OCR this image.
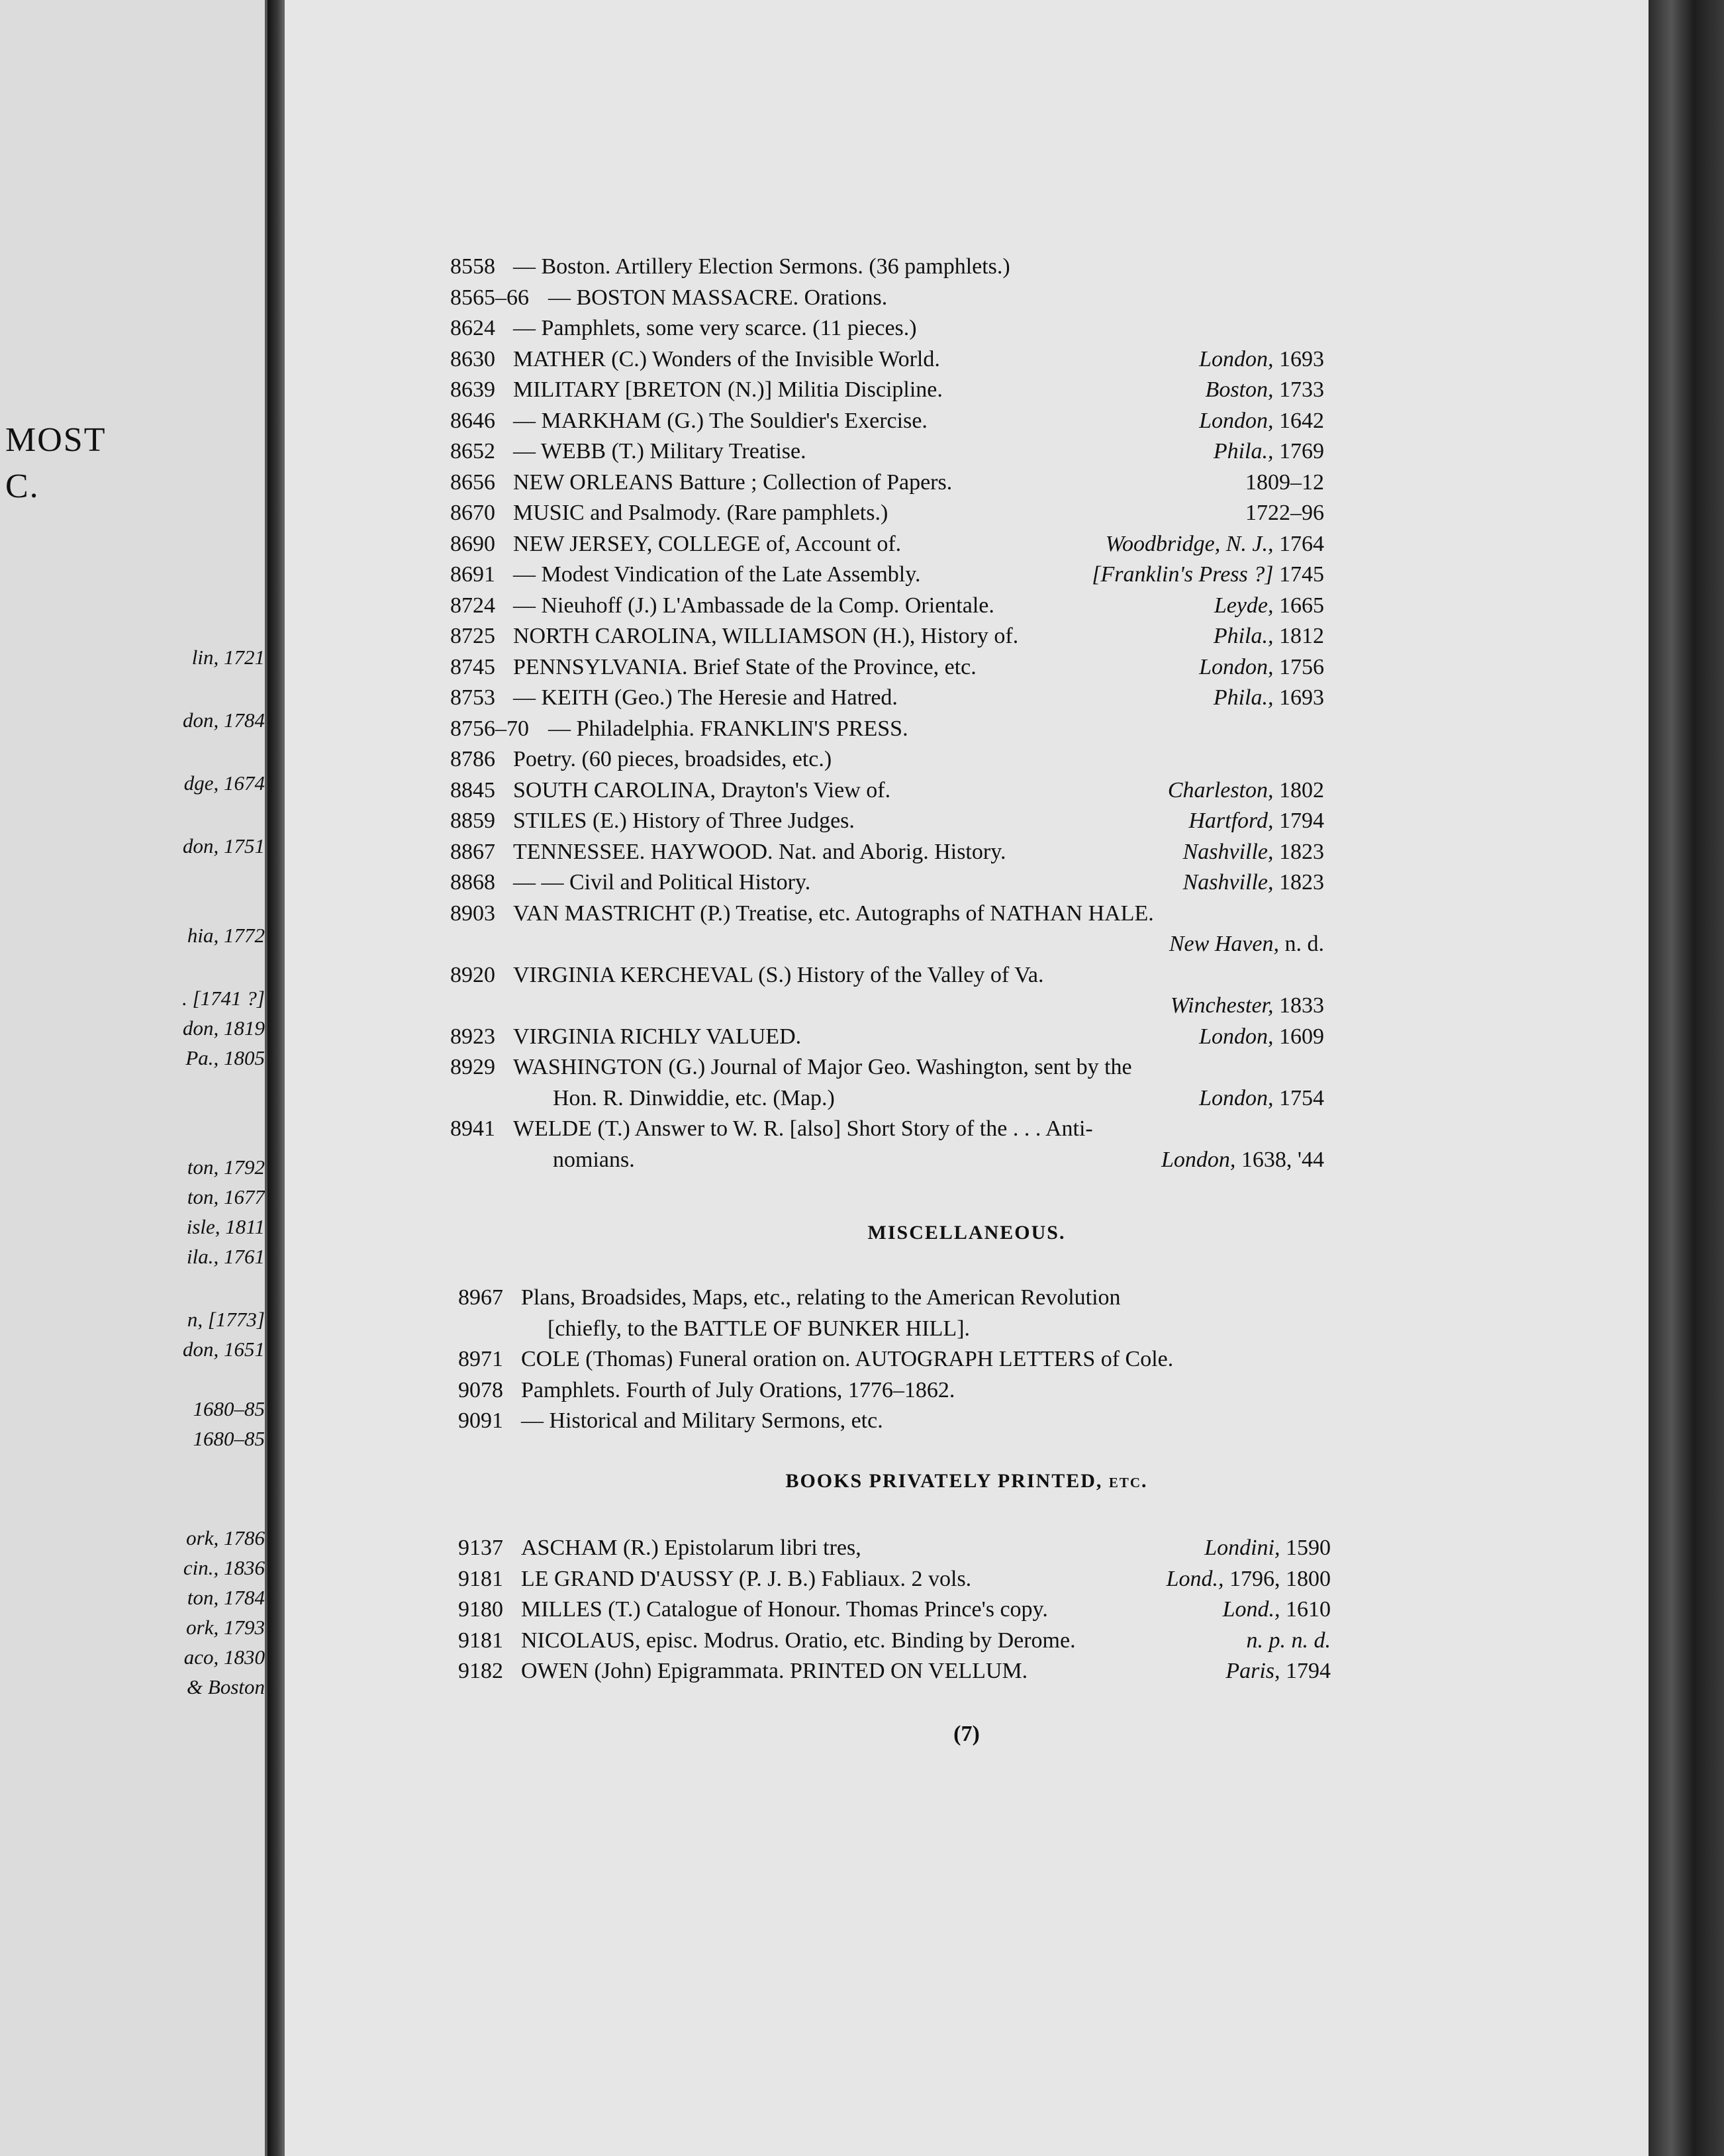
MOST
C.
lin, 1721
don, 1784
dge, 1674
don, 1751
hia, 1772
. [1741 ?]
don, 1819
Pa., 1805
ton, 1792
ton, 1677
isle, 1811
ila., 1761
n, [1773]
don, 1651
1680–85
1680–85
ork, 1786
cin., 1836
ton, 1784
ork, 1793
aco, 1830
& Boston
8558 — Boston. Artillery Election Sermons. (36 pamphlets.)
8565–66 — BOSTON MASSACRE. Orations.
8624 — Pamphlets, some very scarce. (11 pieces.)
8630 MATHER (C.) Wonders of the Invisible World.	London, 1693
8639 MILITARY [BRETON (N.)] Militia Discipline.	Boston, 1733
8646 — MARKHAM (G.) The Souldier's Exercise.	London, 1642
8652 — WEBB (T.) Military Treatise.	Phila., 1769
8656 NEW ORLEANS Batture ; Collection of Papers.	1809–12
8670 MUSIC and Psalmody. (Rare pamphlets.)	1722–96
8690 NEW JERSEY, COLLEGE of, Account of.	Woodbridge, N. J., 1764
8691 — Modest Vindication of the Late Assembly.	[Franklin's Press ?] 1745
8724 — Nieuhoff (J.) L'Ambassade de la Comp. Orientale.	Leyde, 1665
8725 NORTH CAROLINA, WILLIAMSON (H.), History of.	Phila., 1812
8745 PENNSYLVANIA. Brief State of the Province, etc.	London, 1756
8753 — KEITH (Geo.) The Heresie and Hatred.	Phila., 1693
8756–70 — Philadelphia. FRANKLIN'S PRESS.
8786 Poetry. (60 pieces, broadsides, etc.)
8845 SOUTH CAROLINA, Drayton's View of.	Charleston, 1802
8859 STILES (E.) History of Three Judges.	Hartford, 1794
8867 TENNESSEE. HAYWOOD. Nat. and Aborig. History.	Nashville, 1823
8868 — — Civil and Political History.	Nashville, 1823
8903 VAN MASTRICHT (P.) Treatise, etc. Autographs of NATHAN HALE.
New Haven, n. d.
8920 VIRGINIA KERCHEVAL (S.) History of the Valley of Va.
Winchester, 1833
8923 VIRGINIA RICHLY VALUED.	London, 1609
8929 WASHINGTON (G.) Journal of Major Geo. Washington, sent by the
Hon. R. Dinwiddie, etc. (Map.)	London, 1754
8941 WELDE (T.) Answer to W. R. [also] Short Story of the . . . Anti-
nomians.	London, 1638, '44
MISCELLANEOUS.
8967 Plans, Broadsides, Maps, etc., relating to the American Revolution
[chiefly, to the BATTLE OF BUNKER HILL].
8971 COLE (Thomas) Funeral oration on. AUTOGRAPH LETTERS of Cole.
9078 Pamphlets. Fourth of July Orations, 1776–1862.
9091 — Historical and Military Sermons, etc.
BOOKS PRIVATELY PRINTED, etc.
9137 ASCHAM (R.) Epistolarum libri tres,	Londini, 1590
9181 LE GRAND D'AUSSY (P. J. B.) Fabliaux. 2 vols.	Lond., 1796, 1800
9180 MILLES (T.) Catalogue of Honour. Thomas Prince's copy.	Lond., 1610
9181 NICOLAUS, episc. Modrus. Oratio, etc. Binding by Derome.	n. p. n. d.
9182 OWEN (John) Epigrammata. PRINTED ON VELLUM.	Paris, 1794
(7)
